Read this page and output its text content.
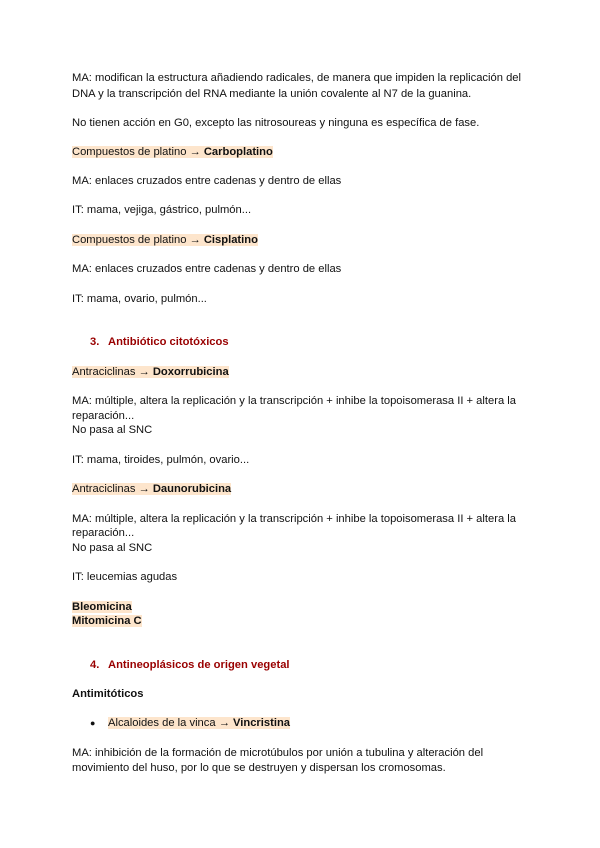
MA: modifican la estructura añadiendo radicales, de manera que impiden la replicación del

DNA y la transcripción del RNA mediante la unión covalente al N7 de la guanina.

No tienen acción en G0, excepto las nitrosoureas y ninguna es específica de fase.

Compuestos de platino → Carboplatino

MA: enlaces cruzados entre cadenas y dentro de ellas

IT: mama, vejiga, gástrico, pulmón...

Compuestos de platino → Cisplatino

MA: enlaces cruzados entre cadenas y dentro de ellas

IT: mama, ovario, pulmón...

3. Antibiótico citotóxicos

Antraciclinas → Doxorrubicina

MA: múltiple, altera la replicación y la transcripción + inhibe la topoisomerasa II + altera la

reparación...

No pasa al SNC

IT: mama, tiroides, pulmón, ovario...

Antraciclinas → Daunorubicina

MA: múltiple, altera la replicación y la transcripción + inhibe la topoisomerasa II + altera la

reparación...

No pasa al SNC

IT: leucemias agudas

Bleomicina

Mitomicina C

4. Antineoplásicos de origen vegetal

Antimitóticos

● Alcaloides de la vinca → Vincristina

MA: inhibición de la formación de microtúbulos por unión a tubulina y alteración del

movimiento del huso, por lo que se destruyen y dispersan los cromosomas.
